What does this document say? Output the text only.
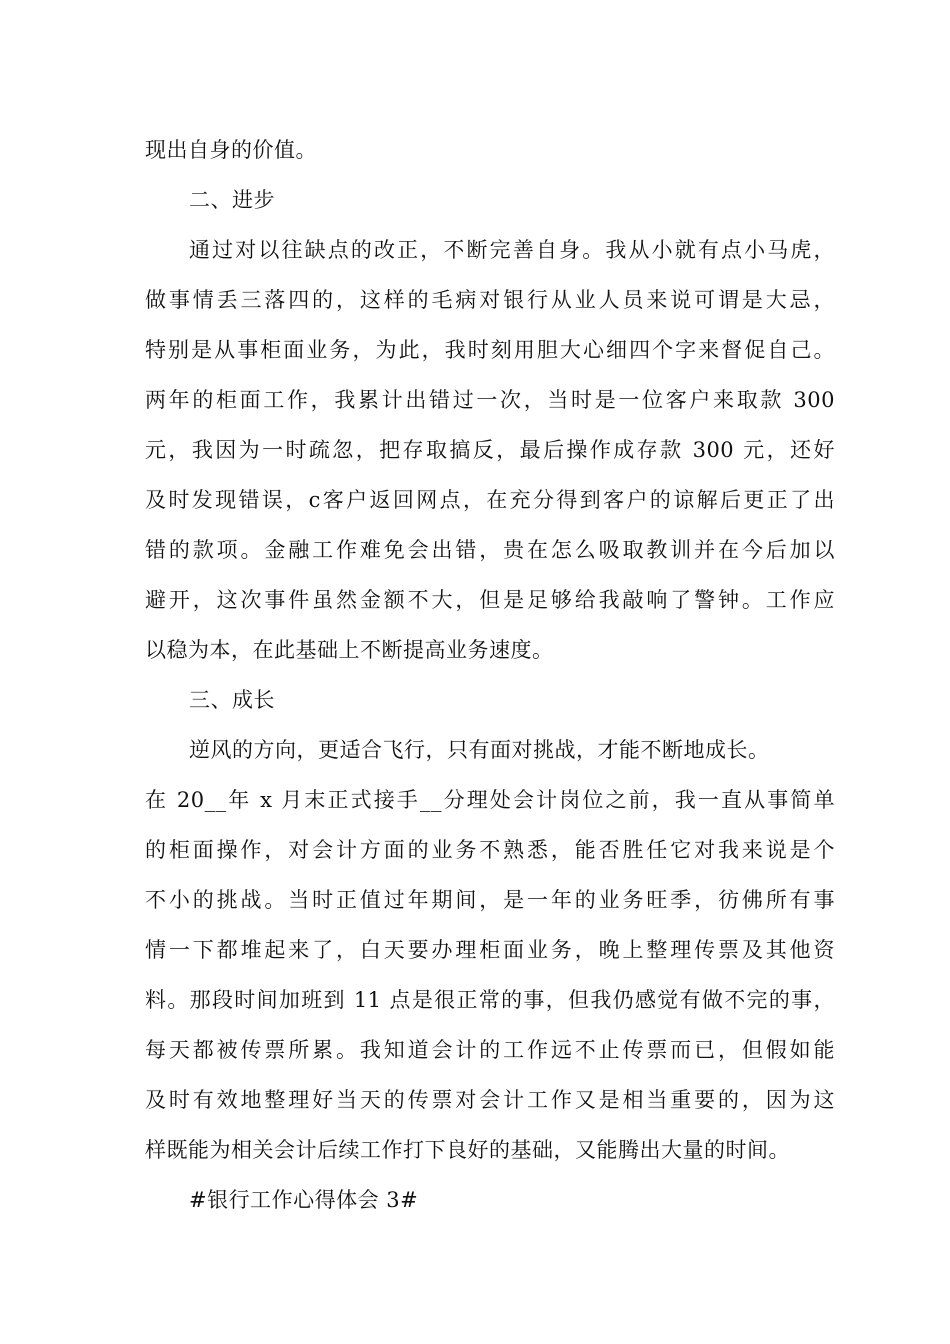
现出自身的价值。
二、进步
通过对以往缺点的改正，不断完善自身。我从小就有点小马虎，
做事情丢三落四的，这样的毛病对银行从业人员来说可谓是大忌，
特别是从事柜面业务，为此，我时刻用胆大心细四个字来督促自己。
两年的柜面工作，我累计出错过一次，当时是一位客户来取款 300
元，我因为一时疏忽，把存取搞反，最后操作成存款 300 元，还好
及时发现错误，c客户返回网点，在充分得到客户的谅解后更正了出
错的款项。金融工作难免会出错，贵在怎么吸取教训并在今后加以
避开，这次事件虽然金额不大，但是足够给我敲响了警钟。工作应
以稳为本，在此基础上不断提高业务速度。
三、成长
逆风的方向，更适合飞行，只有面对挑战，才能不断地成长。
在 20__年 x 月末正式接手__分理处会计岗位之前，我一直从事简单
的柜面操作，对会计方面的业务不熟悉，能否胜任它对我来说是个
不小的挑战。当时正值过年期间，是一年的业务旺季，彷佛所有事
情一下都堆起来了，白天要办理柜面业务，晚上整理传票及其他资
料。那段时间加班到 11 点是很正常的事，但我仍感觉有做不完的事，
每天都被传票所累。我知道会计的工作远不止传票而已，但假如能
及时有效地整理好当天的传票对会计工作又是相当重要的，因为这
样既能为相关会计后续工作打下良好的基础，又能腾出大量的时间。
#银行工作心得体会 3#
